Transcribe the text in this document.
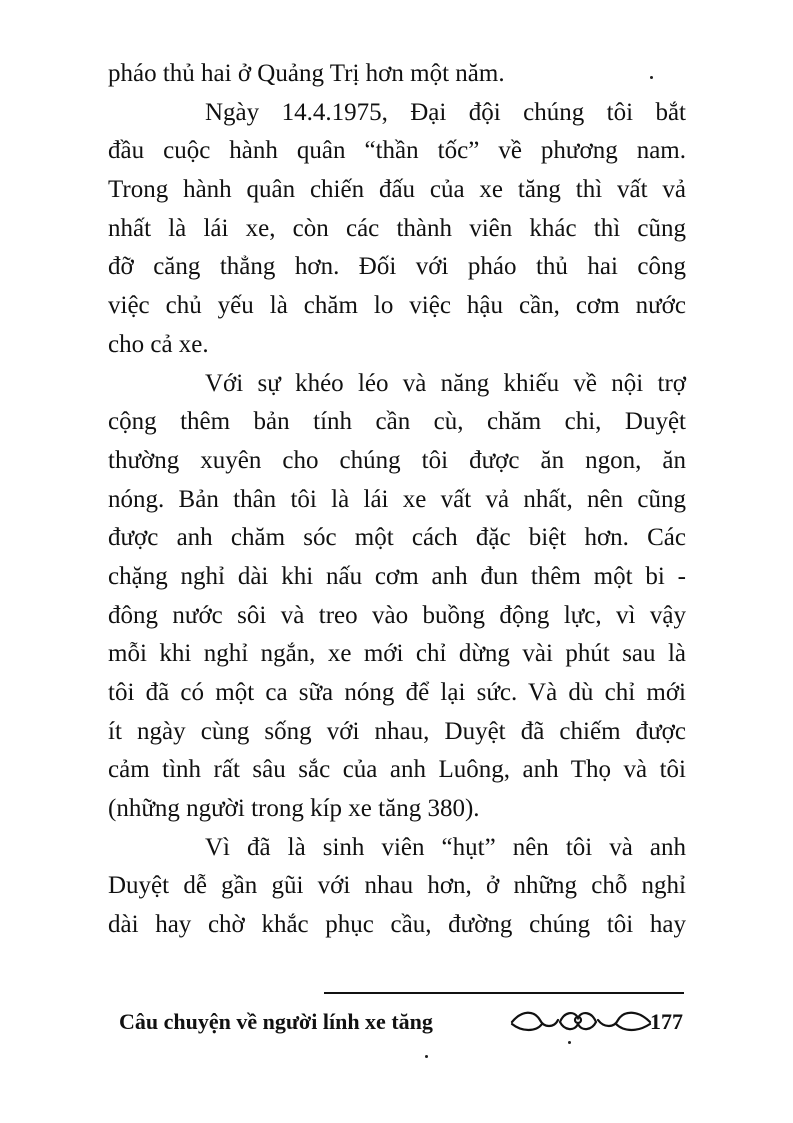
pháo thủ hai ở Quảng Trị hơn một năm.
Ngày 14.4.1975, Đại đội chúng tôi bắt
đầu cuộc hành quân “thần tốc” về phương nam.
Trong hành quân chiến đấu của xe tăng thì vất vả
nhất là lái xe, còn các thành viên khác thì cũng
đỡ căng thẳng hơn. Đối với pháo thủ hai công
việc chủ yếu là chăm lo việc hậu cần, cơm nước
cho cả xe.
Với sự khéo léo và năng khiếu về nội trợ
cộng thêm bản tính cần cù, chăm chi, Duyệt
thường xuyên cho chúng tôi được ăn ngon, ăn
nóng. Bản thân tôi là lái xe vất vả nhất, nên cũng
được anh chăm sóc một cách đặc biệt hơn. Các
chặng nghỉ dài khi nấu cơm anh đun thêm một bi -
đông nước sôi và treo vào buồng động lực, vì vậy
mỗi khi nghỉ ngắn, xe mới chỉ dừng vài phút sau là
tôi đã có một ca sữa nóng để lại sức. Và dù chỉ mới
ít ngày cùng sống với nhau, Duyệt đã chiếm được
cảm tình rất sâu sắc của anh Luông, anh Thọ và tôi
(những người trong kíp xe tăng 380).
Vì đã là sinh viên “hụt” nên tôi và anh
Duyệt dễ gần gũi với nhau hơn, ở những chỗ nghỉ
dài hay chờ khắc phục cầu, đường chúng tôi hay
Câu chuyện về người lính xe tăng	177
